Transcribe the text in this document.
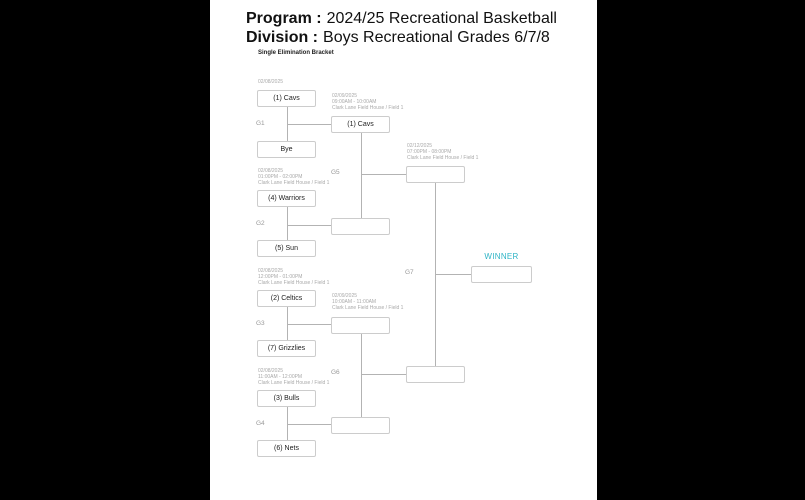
Program : 2024/25 Recreational Basketball
Division : Boys Recreational Grades 6/7/8
Single Elimination Bracket
02/08/2025
02/08/2025
01:00PM - 02:00PM
Clark Lane Field House / Field 1
02/08/2025
12:00PM - 01:00PM
Clark Lane Field House / Field 1
02/08/2025
11:00AM - 12:00PM
Clark Lane Field House / Field 1
02/09/2025
09:00AM - 10:00AM
Clark Lane Field House / Field 1
02/09/2025
10:00AM - 11:00AM
Clark Lane Field House / Field 1
02/12/2025
07:00PM - 08:00PM
Clark Lane Field House / Field 1
(1) Cavs
Bye
(4) Warriors
(5) Sun
(2) Celtics
(7) Grizzlies
(3) Bulls
(6) Nets
(1) Cavs
WINNER
G1
G2
G3
G4
G5
G6
G7
